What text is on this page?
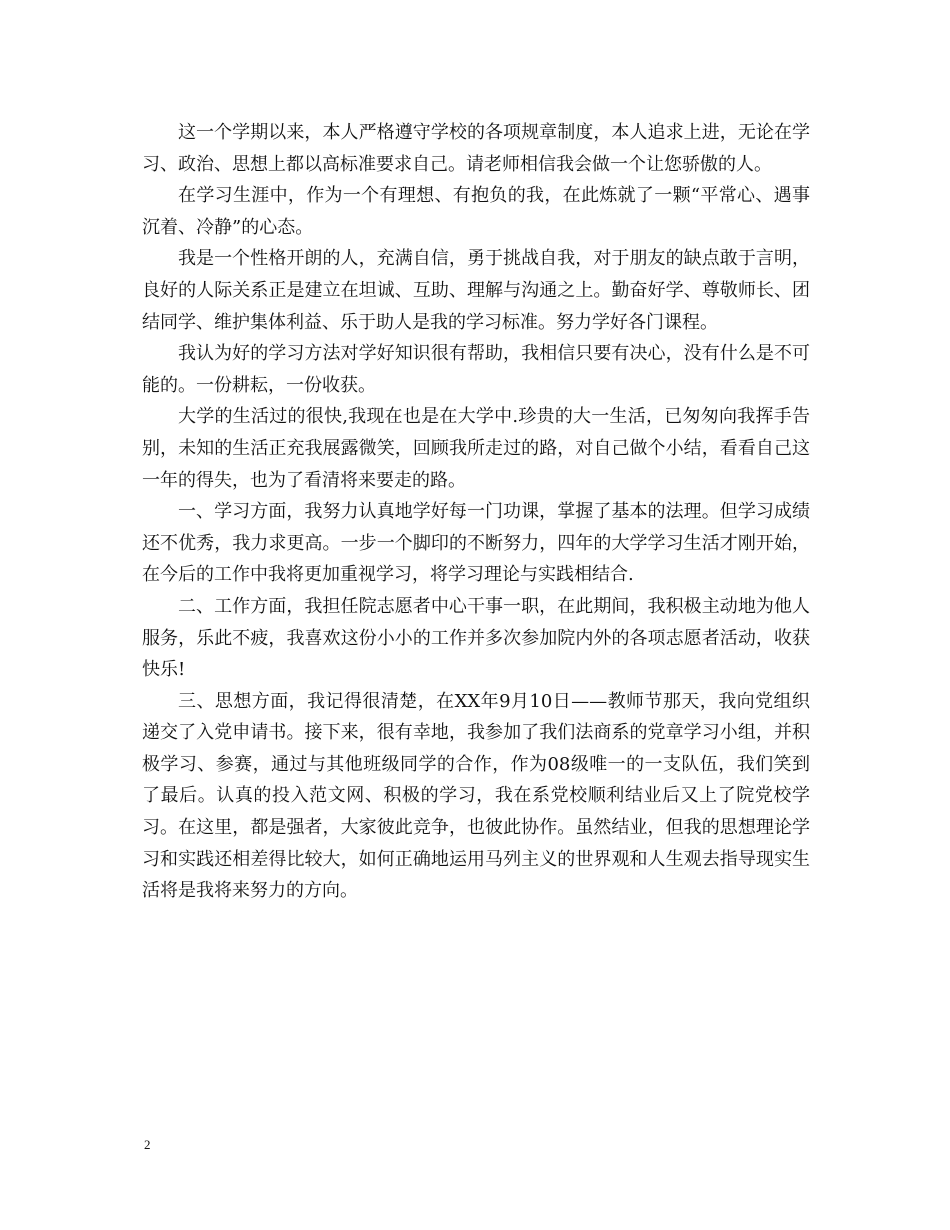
这一个学期以来，本人严格遵守学校的各项规章制度，本人追求上进，无论在学习、政治、思想上都以高标准要求自己。请老师相信我会做一个让您骄傲的人。

在学习生涯中，作为一个有理想、有抱负的我，在此炼就了一颗“平常心、遇事沉着、冷静”的心态。

我是一个性格开朗的人，充满自信，勇于挑战自我，对于朋友的缺点敢于言明，良好的人际关系正是建立在坦诚、互助、理解与沟通之上。勤奋好学、尊敬师长、团结同学、维护集体利益、乐于助人是我的学习标准。努力学好各门课程。

我认为好的学习方法对学好知识很有帮助，我相信只要有决心，没有什么是不可能的。一份耕耘，一份收获。

大学的生活过的很快,我现在也是在大学中.珍贵的大一生活，已匆匆向我挥手告别，未知的生活正充我展露微笑，回顾我所走过的路，对自己做个小结，看看自己这一年的得失，也为了看清将来要走的路。

一、学习方面，我努力认真地学好每一门功课，掌握了基本的法理。但学习成绩还不优秀，我力求更高。一步一个脚印的不断努力，四年的大学学习生活才刚开始，在今后的工作中我将更加重视学习，将学习理论与实践相结合.

二、工作方面，我担任院志愿者中心干事一职，在此期间，我积极主动地为他人服务，乐此不疲，我喜欢这份小小的工作并多次参加院内外的各项志愿者活动，收获快乐!

三、思想方面，我记得很清楚，在XX年9月10日——教师节那天，我向党组织递交了入党申请书。接下来，很有幸地，我参加了我们法商系的党章学习小组，并积极学习、参赛，通过与其他班级同学的合作，作为08级唯一的一支队伍，我们笑到了最后。认真的投入范文网、积极的学习，我在系党校顺利结业后又上了院党校学习。在这里，都是强者，大家彼此竞争，也彼此协作。虽然结业，但我的思想理论学习和实践还相差得比较大，如何正确地运用马列主义的世界观和人生观去指导现实生活将是我将来努力的方向。

2
